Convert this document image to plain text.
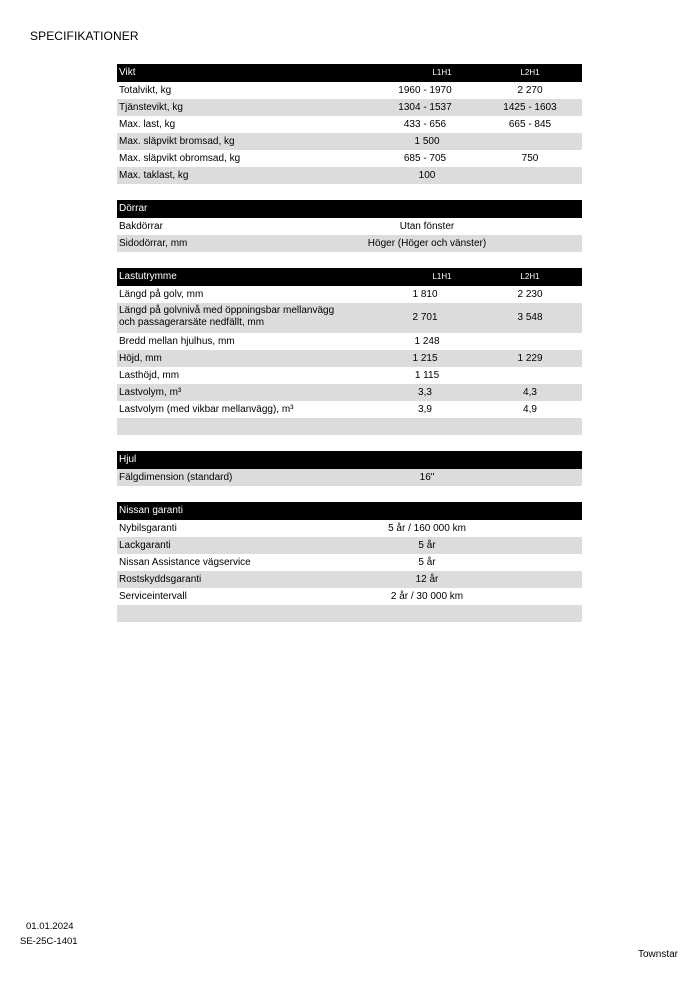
SPECIFIKATIONER
Vikt	L1H1	L2H1
Totalvikt, kg	1960 - 1970	2 270
Tjänstevikt, kg	1304 - 1537	1425 - 1603
Max. last, kg	433 - 656	665 - 845
Max. släpvikt bromsad, kg	1 500
Max. släpvikt obromsad, kg	685 - 705	750
Max. taklast, kg	100
Dörrar
Bakdörrar	Utan fönster
Sidodörrar, mm	Höger (Höger och vänster)
Lastutrymme	L1H1	L2H1
Längd på golv, mm	1 810	2 230
Längd på golvnivå med öppningsbar mellanvägg
och passagerarsäte nedfällt, mm	2 701	3 548
Bredd mellan hjulhus, mm	1 248
Höjd, mm	1 215	1 229
Lasthöjd, mm	1 115
Lastvolym, m³	3,3	4,3
Lastvolym (med vikbar mellanvägg), m³	3,9	4,9
Hjul
Fälgdimension (standard)	16"
Nissan garanti
Nybilsgaranti	5 år / 160 000 km
Lackgaranti	5 år
Nissan Assistance vägservice	5 år
Rostskyddsgaranti	12 år
Serviceintervall	2 år / 30 000 km
01.01.2024
SE-25C-1401
Townstar
